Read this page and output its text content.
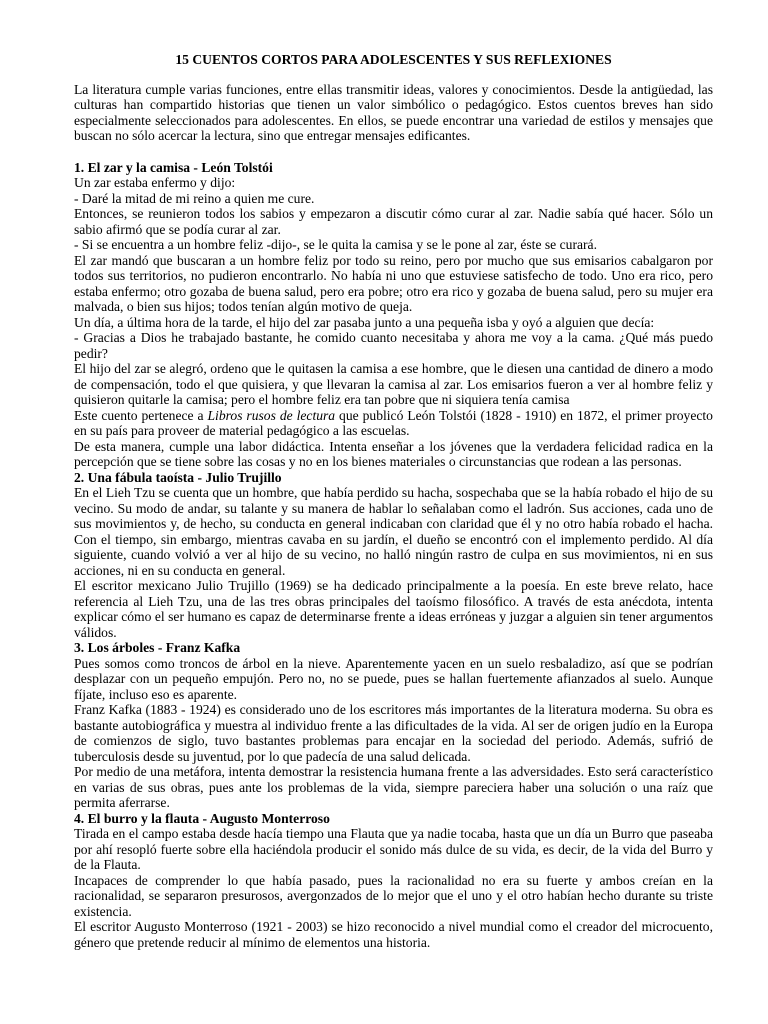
15 CUENTOS CORTOS PARA ADOLESCENTES Y SUS REFLEXIONES

La literatura cumple varias funciones, entre ellas transmitir ideas, valores y conocimientos. Desde la antigüedad, las culturas han compartido historias que tienen un valor simbólico o pedagógico. Estos cuentos breves han sido especialmente seleccionados para adolescentes. En ellos, se puede encontrar una variedad de estilos y mensajes que buscan no sólo acercar la lectura, sino que entregar mensajes edificantes.

1. El zar y la camisa - León Tolstói

Un zar estaba enfermo y dijo:

- Daré la mitad de mi reino a quien me cure.

Entonces, se reunieron todos los sabios y empezaron a discutir cómo curar al zar. Nadie sabía qué hacer. Sólo un sabio afirmó que se podía curar al zar.

- Si se encuentra a un hombre feliz -dijo-, se le quita la camisa y se le pone al zar, éste se curará.

El zar mandó que buscaran a un hombre feliz por todo su reino, pero por mucho que sus emisarios cabalgaron por todos sus territorios, no pudieron encontrarlo. No había ni uno que estuviese satisfecho de todo. Uno era rico, pero estaba enfermo; otro gozaba de buena salud, pero era pobre; otro era rico y gozaba de buena salud, pero su mujer era malvada, o bien sus hijos; todos tenían algún motivo de queja.

Un día, a última hora de la tarde, el hijo del zar pasaba junto a una pequeña isba y oyó a alguien que decía:

- Gracias a Dios he trabajado bastante, he comido cuanto necesitaba y ahora me voy a la cama. ¿Qué más puedo pedir?

El hijo del zar se alegró, ordeno que le quitasen la camisa a ese hombre, que le diesen una cantidad de dinero a modo de compensación, todo el que quisiera, y que llevaran la camisa al zar. Los emisarios fueron a ver al hombre feliz y quisieron quitarle la camisa; pero el hombre feliz era tan pobre que ni siquiera tenía camisa

Este cuento pertenece a Libros rusos de lectura que publicó León Tolstói (1828 - 1910) en 1872, el primer proyecto en su país para proveer de material pedagógico a las escuelas.

De esta manera, cumple una labor didáctica. Intenta enseñar a los jóvenes que la verdadera felicidad radica en la percepción que se tiene sobre las cosas y no en los bienes materiales o circunstancias que rodean a las personas.

2. Una fábula taoísta - Julio Trujillo

En el Lieh Tzu se cuenta que un hombre, que había perdido su hacha, sospechaba que se la había robado el hijo de su vecino. Su modo de andar, su talante y su manera de hablar lo señalaban como el ladrón. Sus acciones, cada uno de sus movimientos y, de hecho, su conducta en general indicaban con claridad que él y no otro había robado el hacha. Con el tiempo, sin embargo, mientras cavaba en su jardín, el dueño se encontró con el implemento perdido. Al día siguiente, cuando volvió a ver al hijo de su vecino, no halló ningún rastro de culpa en sus movimientos, ni en sus acciones, ni en su conducta en general.

El escritor mexicano Julio Trujillo (1969) se ha dedicado principalmente a la poesía. En este breve relato, hace referencia al Lieh Tzu, una de las tres obras principales del taoísmo filosófico. A través de esta anécdota, intenta explicar cómo el ser humano es capaz de determinarse frente a ideas erróneas y juzgar a alguien sin tener argumentos válidos.

3. Los árboles - Franz Kafka

Pues somos como troncos de árbol en la nieve. Aparentemente yacen en un suelo resbaladizo, así que se podrían desplazar con un pequeño empujón. Pero no, no se puede, pues se hallan fuertemente afianzados al suelo. Aunque fíjate, incluso eso es aparente.

Franz Kafka (1883 - 1924) es considerado uno de los escritores más importantes de la literatura moderna. Su obra es bastante autobiográfica y muestra al individuo frente a las dificultades de la vida. Al ser de origen judío en la Europa de comienzos de siglo, tuvo bastantes problemas para encajar en la sociedad del periodo. Además, sufrió de tuberculosis desde su juventud, por lo que padecía de una salud delicada.

Por medio de una metáfora, intenta demostrar la resistencia humana frente a las adversidades. Esto será característico en varias de sus obras, pues ante los problemas de la vida, siempre pareciera haber una solución o una raíz que permita aferrarse.

4. El burro y la flauta - Augusto Monterroso

Tirada en el campo estaba desde hacía tiempo una Flauta que ya nadie tocaba, hasta que un día un Burro que paseaba por ahí resopló fuerte sobre ella haciéndola producir el sonido más dulce de su vida, es decir, de la vida del Burro y de la Flauta.

Incapaces de comprender lo que había pasado, pues la racionalidad no era su fuerte y ambos creían en la racionalidad, se separaron presurosos, avergonzados de lo mejor que el uno y el otro habían hecho durante su triste existencia.

El escritor Augusto Monterroso (1921 - 2003) se hizo reconocido a nivel mundial como el creador del microcuento, género que pretende reducir al mínimo de elementos una historia.
